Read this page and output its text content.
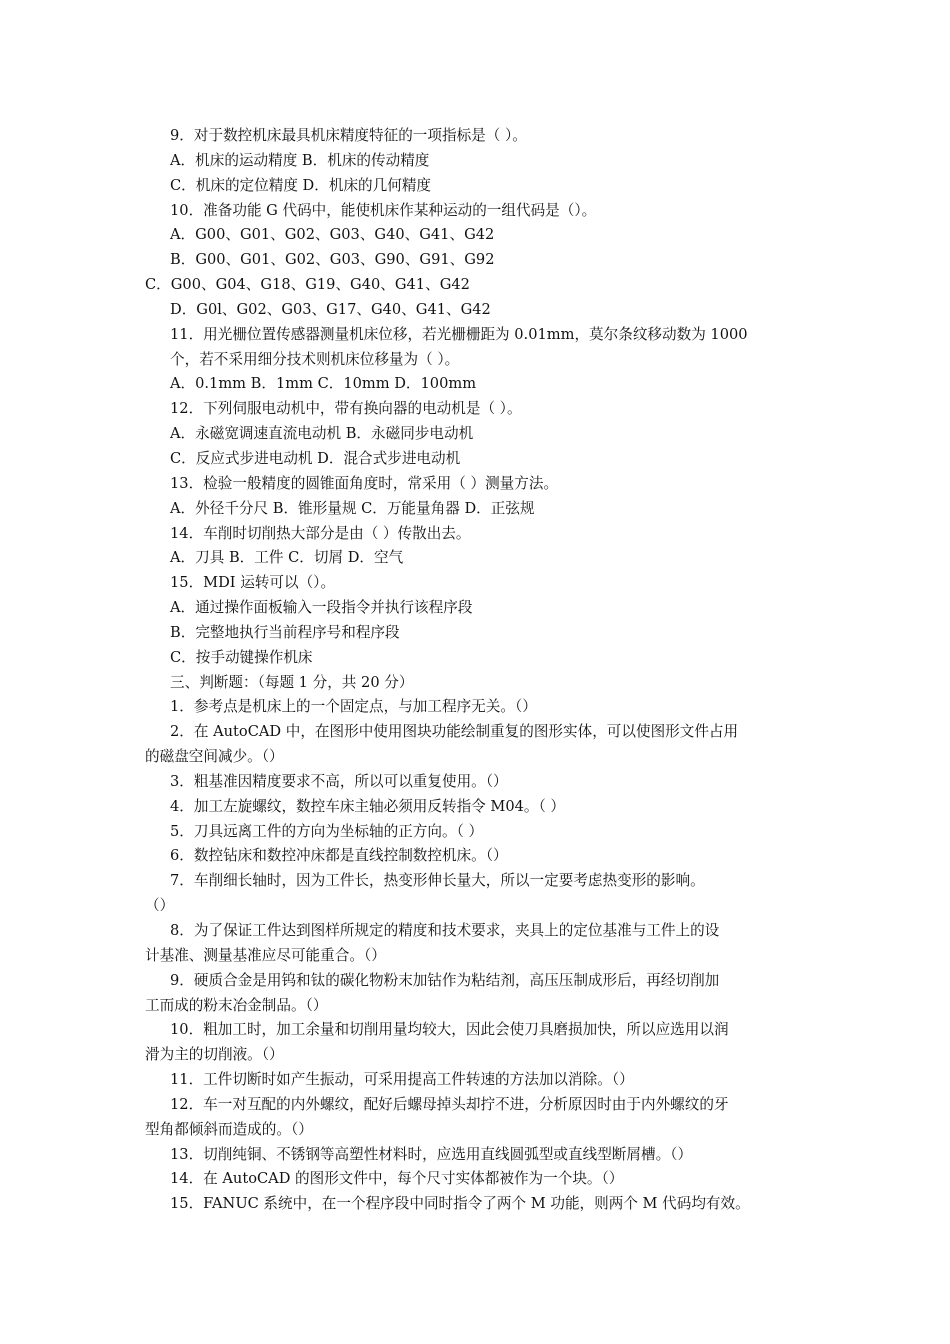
9．对于数控机床最具机床精度特征的一项指标是（ ）。
A．机床的运动精度 B．机床的传动精度
C．机床的定位精度 D．机床的几何精度
10．准备功能 G 代码中，能使机床作某种运动的一组代码是（）。
A．G00、G01、G02、G03、G40、G41、G42
B．G00、G01、G02、G03、G90、G91、G92
C．G00、G04、G18、G19、G40、G41、G42
D．G0l、G02、G03、G17、G40、G41、G42
11．用光栅位置传感器测量机床位移，若光栅栅距为 0.01mm，莫尔条纹移动数为 1000
个，若不采用细分技术则机床位移量为（ ）。
A．0.1mm B．1mm C．10mm D．100mm
12．下列伺服电动机中，带有换向器的电动机是（ ）。
A．永磁宽调速直流电动机 B．永磁同步电动机
C．反应式步进电动机 D．混合式步进电动机
13．检验一般精度的圆锥面角度时，常采用（ ）测量方法。
A．外径千分尺 B．锥形量规 C．万能量角器 D．正弦规
14．车削时切削热大部分是由（ ）传散出去。
A．刀具 B．工件 C．切屑 D．空气
15．MDI 运转可以（）。
A．通过操作面板输入一段指令并执行该程序段
B．完整地执行当前程序号和程序段
C．按手动键操作机床
三、判断题：（每题 1 分，共 20 分）
1．参考点是机床上的一个固定点，与加工程序无关。（）
2．在 AutoCAD 中，在图形中使用图块功能绘制重复的图形实体，可以使图形文件占用
的磁盘空间减少。（）
3．粗基准因精度要求不高，所以可以重复使用。（）
4．加工左旋螺纹，数控车床主轴必须用反转指令 M04。（ ）
5．刀具远离工件的方向为坐标轴的正方向。（ ）
6．数控钻床和数控冲床都是直线控制数控机床。（）
7．车削细长轴时，因为工件长，热变形伸长量大，所以一定要考虑热变形的影响。
（）
8．为了保证工件达到图样所规定的精度和技术要求，夹具上的定位基准与工件上的设
计基准、测量基准应尽可能重合。（）
9．硬质合金是用钨和钛的碳化物粉末加钴作为粘结剂，高压压制成形后，再经切削加
工而成的粉末冶金制品。（）
10．粗加工时，加工余量和切削用量均较大，因此会使刀具磨损加快，所以应选用以润
滑为主的切削液。（）
11．工件切断时如产生振动，可采用提高工件转速的方法加以消除。（）
12．车一对互配的内外螺纹，配好后螺母掉头却拧不进，分析原因时由于内外螺纹的牙
型角都倾斜而造成的。（）
13．切削纯铜、不锈钢等高塑性材料时，应选用直线圆弧型或直线型断屑槽。（）
14．在 AutoCAD 的图形文件中，每个尺寸实体都被作为一个块。（）
15．FANUC 系统中，在一个程序段中同时指令了两个 M 功能，则两个 M 代码均有效。
